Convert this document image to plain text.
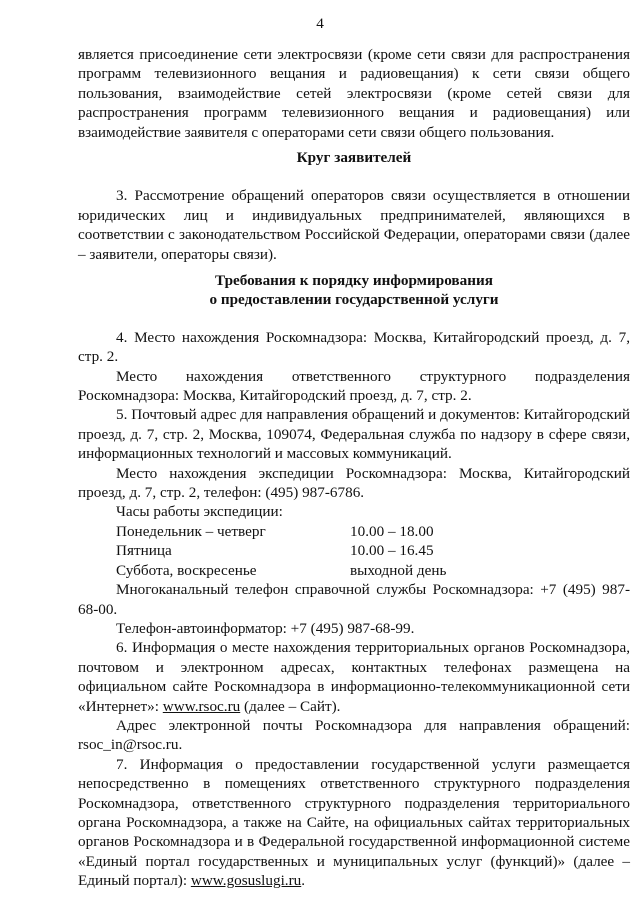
4

является присоединение сети электросвязи (кроме сети связи для распространения программ телевизионного вещания и радиовещания) к сети связи общего пользования, взаимодействие сетей электросвязи (кроме сетей связи для распространения программ телевизионного вещания и радиовещания) или взаимодействие заявителя с операторами сети связи общего пользования.

Круг заявителей

3. Рассмотрение обращений операторов связи осуществляется в отношении юридических лиц и индивидуальных предпринимателей, являющихся в соответствии с законодательством Российской Федерации, операторами связи (далее – заявители, операторы связи).

Требования к порядку информирования

о предоставлении государственной услуги

4. Место нахождения Роскомнадзора: Москва, Китайгородский проезд, д. 7, стр. 2.

Место нахождения ответственного структурного подразделения Роскомнадзора: Москва, Китайгородский проезд, д. 7, стр. 2.

5. Почтовый адрес для направления обращений и документов: Китайгородский проезд, д. 7, стр. 2, Москва, 109074, Федеральная служба по надзору в сфере связи, информационных технологий и массовых коммуникаций.

Место нахождения экспедиции Роскомнадзора: Москва, Китайгородский проезд, д. 7, стр. 2, телефон: (495) 987-6786.

Часы работы экспедиции:

Понедельник – четверг	10.00 – 18.00
Пятница	10.00 – 16.45
Суббота, воскресенье	выходной день

Многоканальный телефон справочной службы Роскомнадзора: +7 (495) 987-68-00.

Телефон-автоинформатор: +7 (495) 987-68-99.

6. Информация о месте нахождения территориальных органов Роскомнадзора, почтовом и электронном адресах, контактных телефонах размещена на официальном сайте Роскомнадзора в информационно-телекоммуникационной сети «Интернет»: www.rsoc.ru (далее – Сайт).

Адрес электронной почты Роскомнадзора для направления обращений: rsoc_in@rsoc.ru.

7. Информация о предоставлении государственной услуги размещается непосредственно в помещениях ответственного структурного подразделения Роскомнадзора, ответственного структурного подразделения территориального органа Роскомнадзора, а также на Сайте, на официальных сайтах территориальных органов Роскомнадзора и в Федеральной государственной информационной системе «Единый портал государственных и муниципальных услуг (функций)» (далее – Единый портал): www.gosuslugi.ru.
